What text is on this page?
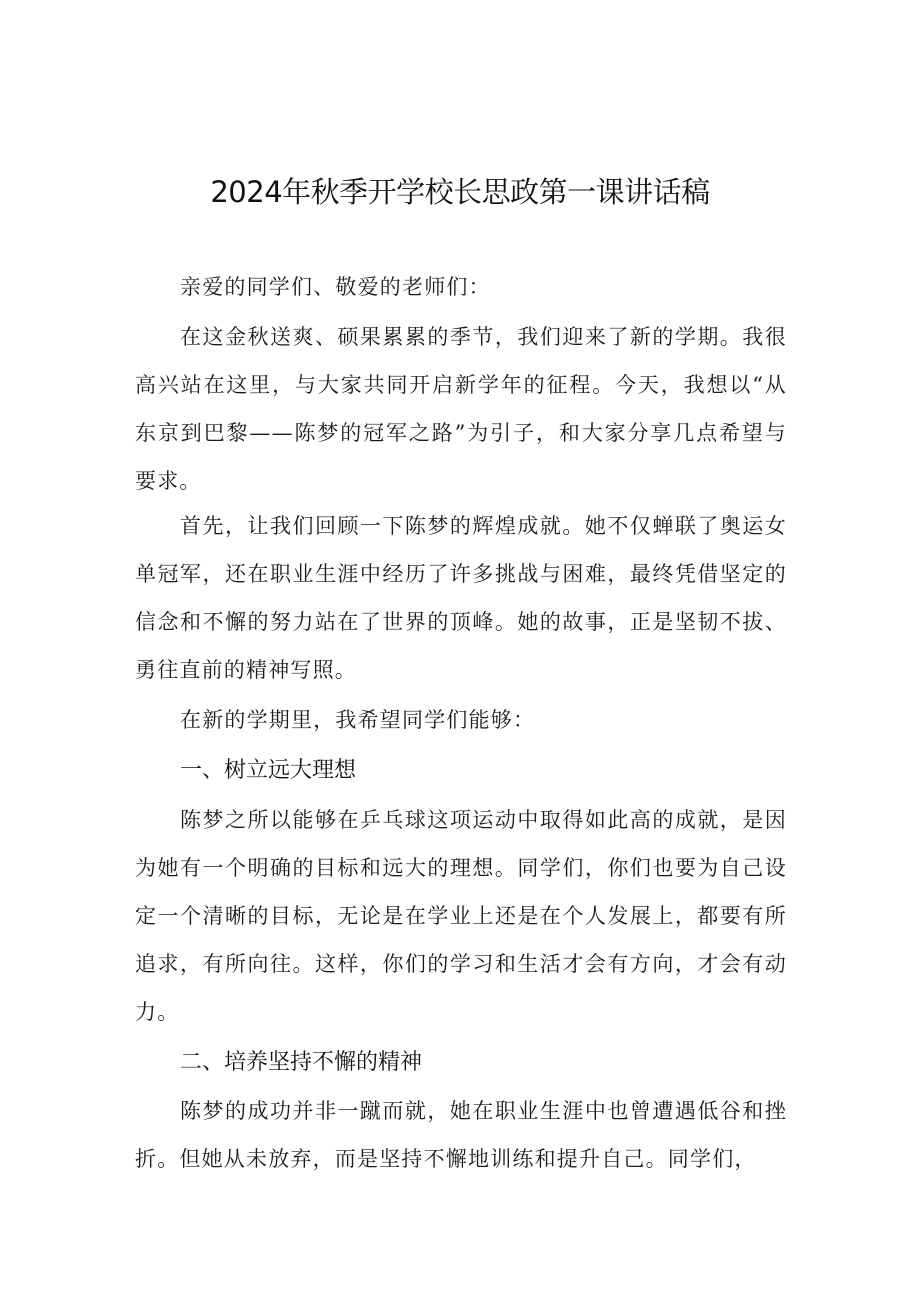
2024年秋季开学校长思政第一课讲话稿

亲爱的同学们、敬爱的老师们：

在这金秋送爽、硕果累累的季节，我们迎来了新的学期。我很高兴站在这里，与大家共同开启新学年的征程。今天，我想以“从东京到巴黎——陈梦的冠军之路”为引子，和大家分享几点希望与要求。

首先，让我们回顾一下陈梦的辉煌成就。她不仅蝉联了奥运女单冠军，还在职业生涯中经历了许多挑战与困难，最终凭借坚定的信念和不懈的努力站在了世界的顶峰。她的故事，正是坚韧不拔、勇往直前的精神写照。

在新的学期里，我希望同学们能够：

一、树立远大理想

陈梦之所以能够在乒乓球这项运动中取得如此高的成就，是因为她有一个明确的目标和远大的理想。同学们，你们也要为自己设定一个清晰的目标，无论是在学业上还是在个人发展上，都要有所追求，有所向往。这样，你们的学习和生活才会有方向，才会有动力。

二、培养坚持不懈的精神

陈梦的成功并非一蹴而就，她在职业生涯中也曾遭遇低谷和挫折。但她从未放弃，而是坚持不懈地训练和提升自己。同学们，
